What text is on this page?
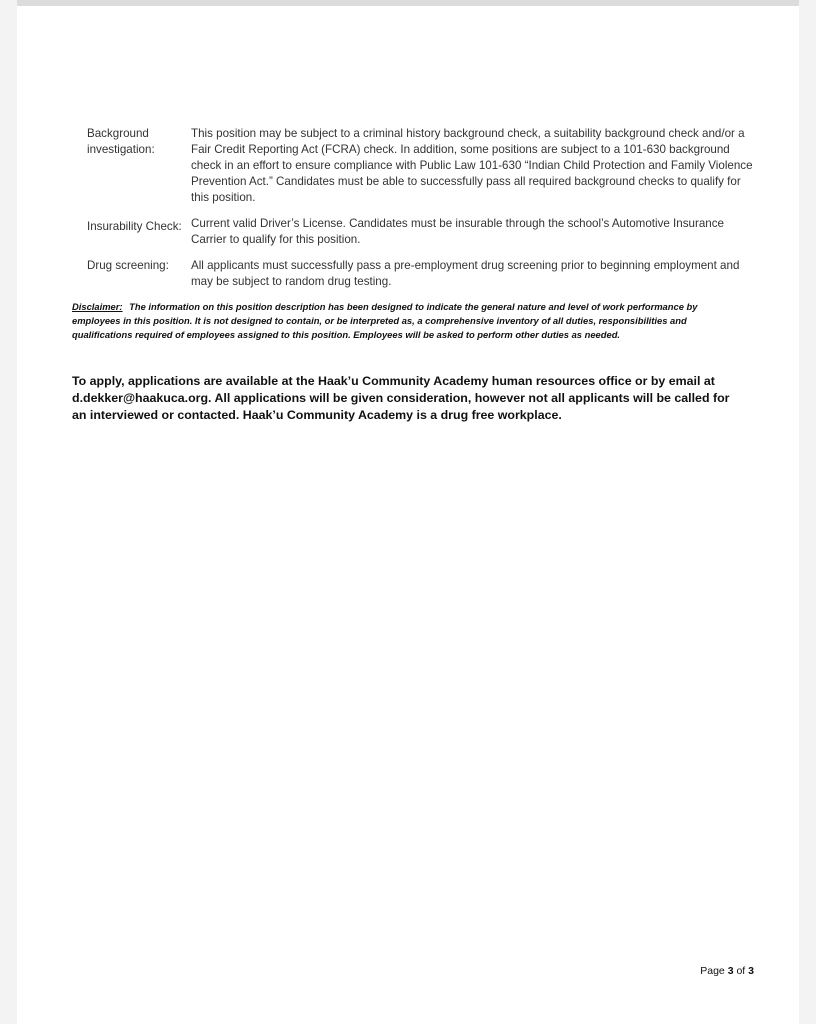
Background investigation:
This position may be subject to a criminal history background check, a suitability background check and/or a Fair Credit Reporting Act (FCRA) check. In addition, some positions are subject to a 101-630 background check in an effort to ensure compliance with Public Law 101-630 “Indian Child Protection and Family Violence Prevention Act.” Candidates must be able to successfully pass all required background checks to qualify for this position.
Insurability Check: Current valid Driver’s License. Candidates must be insurable through the school’s Automotive Insurance Carrier to qualify for this position.
Drug screening:	All applicants must successfully pass a pre-employment drug screening prior to beginning employment and may be subject to random drug testing.
Disclaimer: The information on this position description has been designed to indicate the general nature and level of work performance by employees in this position. It is not designed to contain, or be interpreted as, a comprehensive inventory of all duties, responsibilities and qualifications required of employees assigned to this position. Employees will be asked to perform other duties as needed.
To apply, applications are available at the Haak’u Community Academy human resources office or by email at d.dekker@haakuca.org. All applications will be given consideration, however not all applicants will be called for an interviewed or contacted. Haak’u Community Academy is a drug free workplace.
Page 3 of 3
